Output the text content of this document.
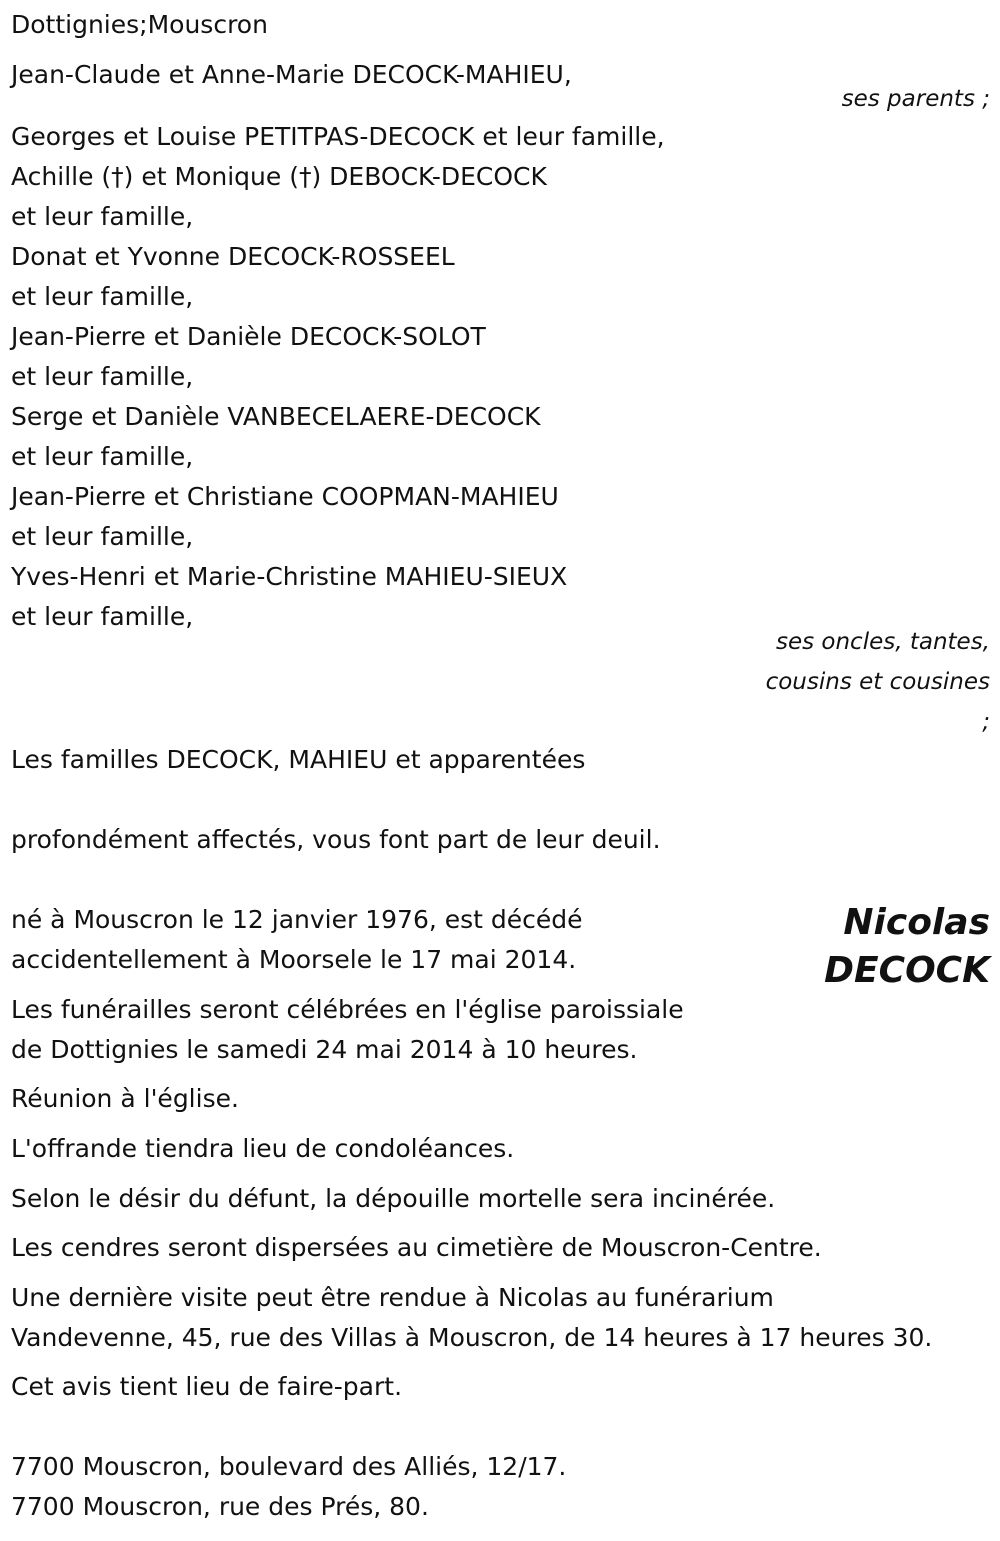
Dottignies;Mouscron
Jean-Claude et Anne-Marie DECOCK-MAHIEU,
ses parents ;
Georges et Louise PETITPAS-DECOCK et leur famille,
Achille (†) et Monique (†) DEBOCK-DECOCK
et leur famille,
Donat et Yvonne DECOCK-ROSSEEL
et leur famille,
Jean-Pierre et Danièle DECOCK-SOLOT
et leur famille,
Serge et Danièle VANBECELAERE-DECOCK
et leur famille,
Jean-Pierre et Christiane COOPMAN-MAHIEU
et leur famille,
Yves-Henri et Marie-Christine MAHIEU-SIEUX
et leur famille,
ses oncles, tantes,
cousins et cousines
;
Les familles DECOCK, MAHIEU et apparentées
profondément affectés, vous font part de leur deuil.
Nicolas
DECOCK
né à Mouscron le 12 janvier 1976, est décédé
accidentellement à Moorsele le 17 mai 2014.
Les funérailles seront célébrées en l'église paroissiale
de Dottignies le samedi 24 mai 2014 à 10 heures.
Réunion à l'église.
L'offrande tiendra lieu de condoléances.
Selon le désir du défunt, la dépouille mortelle sera incinérée.
Les cendres seront dispersées au cimetière de Mouscron-Centre.
Une dernière visite peut être rendue à Nicolas au funérarium
Vandevenne, 45, rue des Villas à Mouscron, de 14 heures à 17 heures 30.
Cet avis tient lieu de faire-part.
7700 Mouscron, boulevard des Alliés, 12/17.
7700 Mouscron, rue des Prés, 80.
